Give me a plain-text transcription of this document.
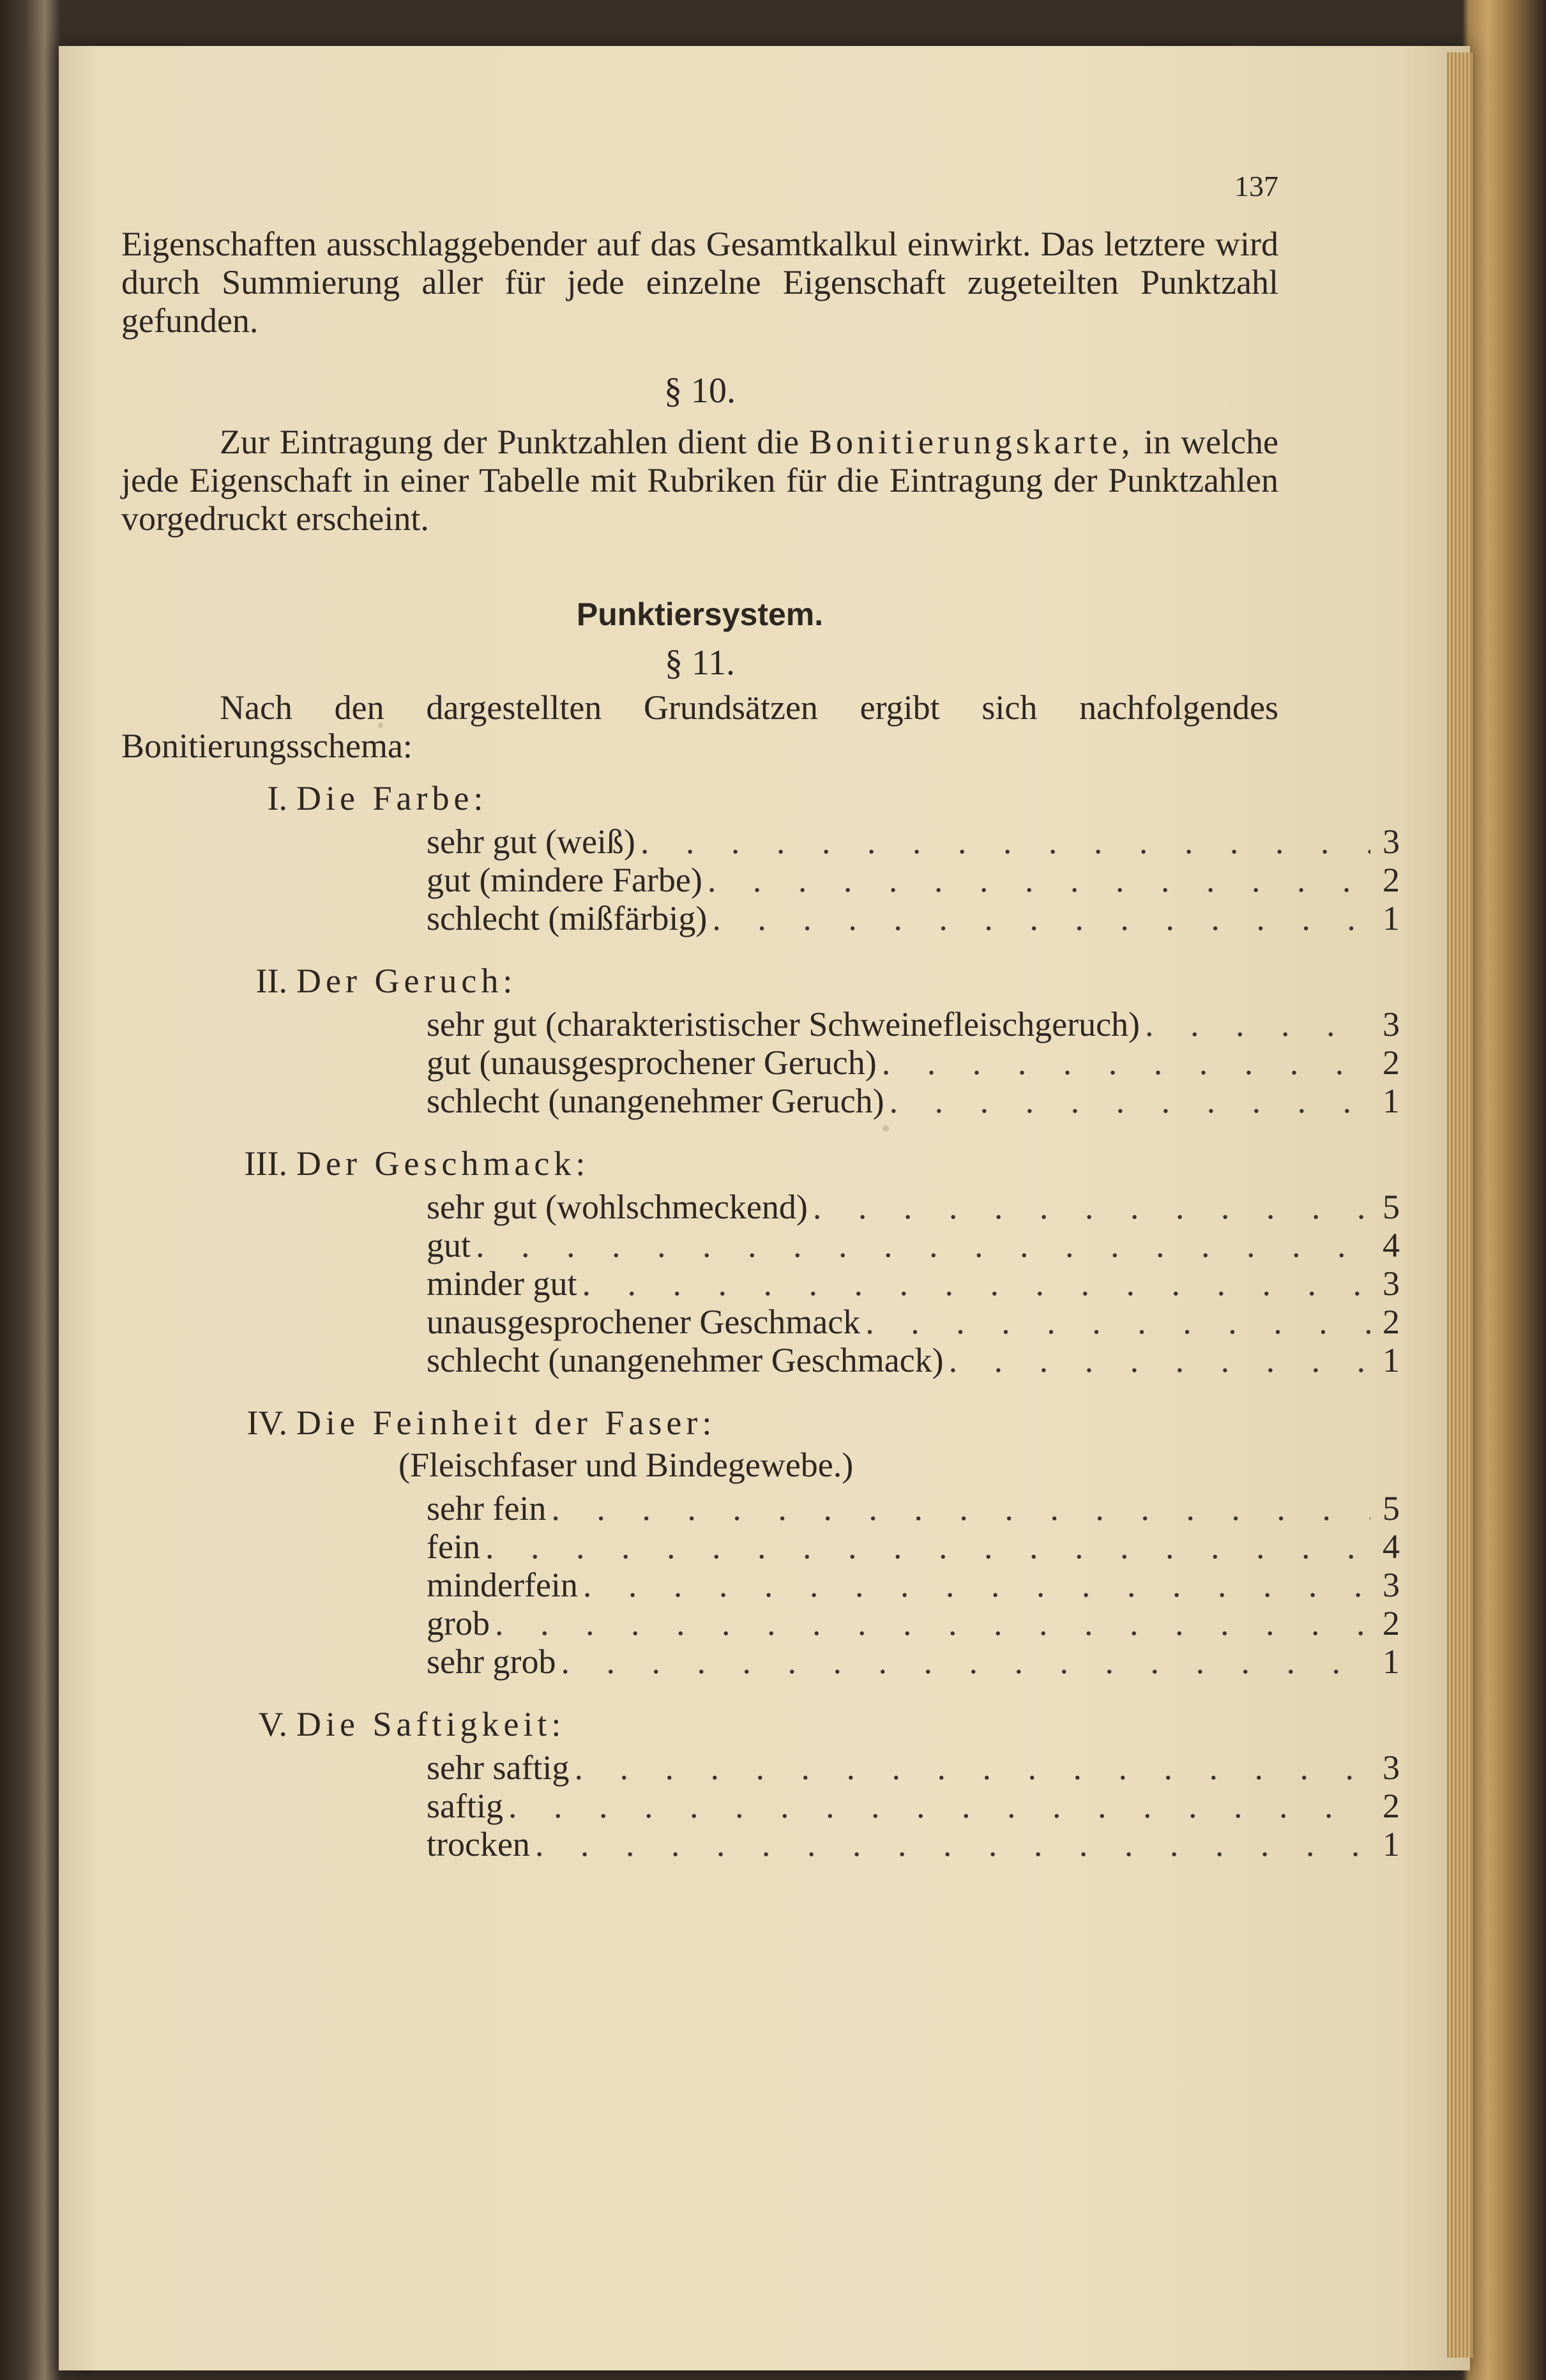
137

Eigenschaften ausschlaggebender auf das Gesamtkalkul einwirkt. Das letztere wird durch Summierung aller für jede einzelne Eigenschaft zugeteilten Punktzahl gefunden.

§ 10.

Zur Eintragung der Punktzahlen dient die Bonitierungskarte, in welche jede Eigenschaft in einer Tabelle mit Rubriken für die Eintragung der Punktzahlen vorgedruckt erscheint.

Punktiersystem.
§ 11.

Nach den dargestellten Grundsätzen ergibt sich nachfolgendes Bonitierungsschema:

I. Die Farbe:
sehr gut (weiß) . . .	3
gut (mindere Farbe) . . .	2
schlecht (mißfärbig) . . .	1
II. Der Geruch:
sehr gut (charakteristischer Schweinefleischgeruch) . . .	3
gut (unausgesprochener Geruch) . . .	2
schlecht (unangenehmer Geruch) . . .	1
III. Der Geschmack:
sehr gut (wohlschmeckend) . . .	5
gut . . .	4
minder gut . . .	3
unausgesprochener Geschmack . . .	2
schlecht (unangenehmer Geschmack) . . .	1
IV. Die Feinheit der Faser:
(Fleischfaser und Bindegewebe.)
sehr fein . . .	5
fein . . .	4
minderfein . . .	3
grob . . .	2
sehr grob . . .	1
V. Die Saftigkeit:
sehr saftig . . .	3
saftig . . .	2
trocken . . .	1
